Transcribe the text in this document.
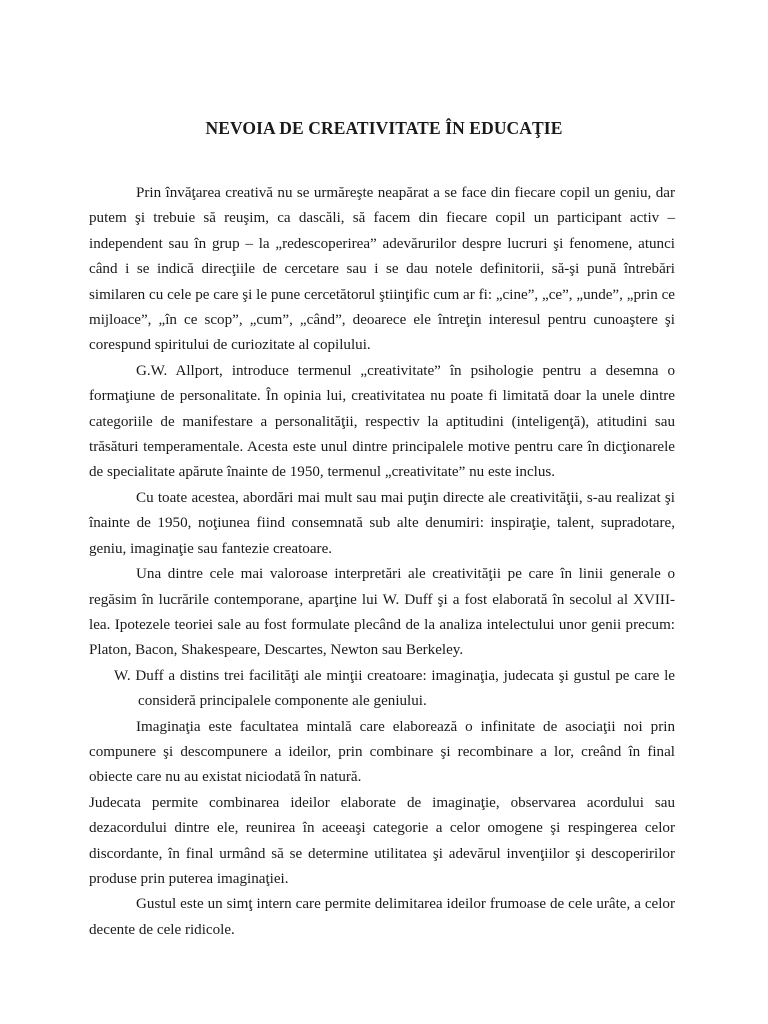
NEVOIA DE CREATIVITATE ÎN EDUCAŢIE

Prin învăţarea creativă nu se urmăreşte neapărat a se face din fiecare copil un geniu, dar putem şi trebuie să reuşim, ca dascăli, să facem din fiecare copil un participant activ – independent sau în grup – la „redescoperirea” adevărurilor despre lucruri şi fenomene, atunci când i se indică direcţiile de cercetare sau i se dau notele definitorii, să-şi pună întrebări similaren cu cele pe care şi le pune cercetătorul ştiinţific cum ar fi: „cine”, „ce”, „unde”, „prin ce mijloace”, „în ce scop”, „cum”, „când”, deoarece ele întreţin interesul pentru cunoaştere şi corespund spiritului de curiozitate al copilului.

G.W. Allport, introduce termenul „creativitate” în psihologie pentru a desemna o formaţiune de personalitate. În opinia lui, creativitatea nu poate fi limitată doar la unele dintre categoriile de manifestare a personalităţii, respectiv la aptitudini (inteligenţă), atitudini sau trăsături temperamentale. Acesta este unul dintre principalele motive pentru care în dicţionarele de specialitate apărute înainte de 1950, termenul „creativitate” nu este inclus.

Cu toate acestea, abordări mai mult sau mai puţin directe ale creativităţii, s-au realizat şi înainte de 1950, noţiunea fiind consemnată sub alte denumiri: inspiraţie, talent, supradotare, geniu, imaginaţie sau fantezie creatoare.

Una dintre cele mai valoroase interpretări ale creativităţii pe care în linii generale o regăsim în lucrările contemporane, aparţine lui W. Duff şi a fost elaborată în secolul al XVIII-lea. Ipotezele teoriei sale au fost formulate plecând de la analiza intelectului unor genii precum: Platon, Bacon, Shakespeare, Descartes, Newton sau Berkeley.

W. Duff a distins trei facilităţi ale minţii creatoare: imaginaţia, judecata şi gustul pe care le consideră principalele componente ale geniului.

Imaginaţia este facultatea mintală care elaborează o infinitate de asociaţii noi prin compunere şi descompunere a ideilor, prin combinare şi recombinare a lor, creând în final obiecte care nu au existat niciodată în natură.

Judecata permite combinarea ideilor elaborate de imaginaţie, observarea acordului sau dezacordului dintre ele, reunirea în aceeaşi categorie a celor omogene şi respingerea celor discordante, în final urmând să se determine utilitatea şi adevărul invenţiilor şi descoperirilor produse prin puterea imaginaţiei.

Gustul este un simţ intern care permite delimitarea ideilor frumoase de cele urâte, a celor decente de cele ridicole.
